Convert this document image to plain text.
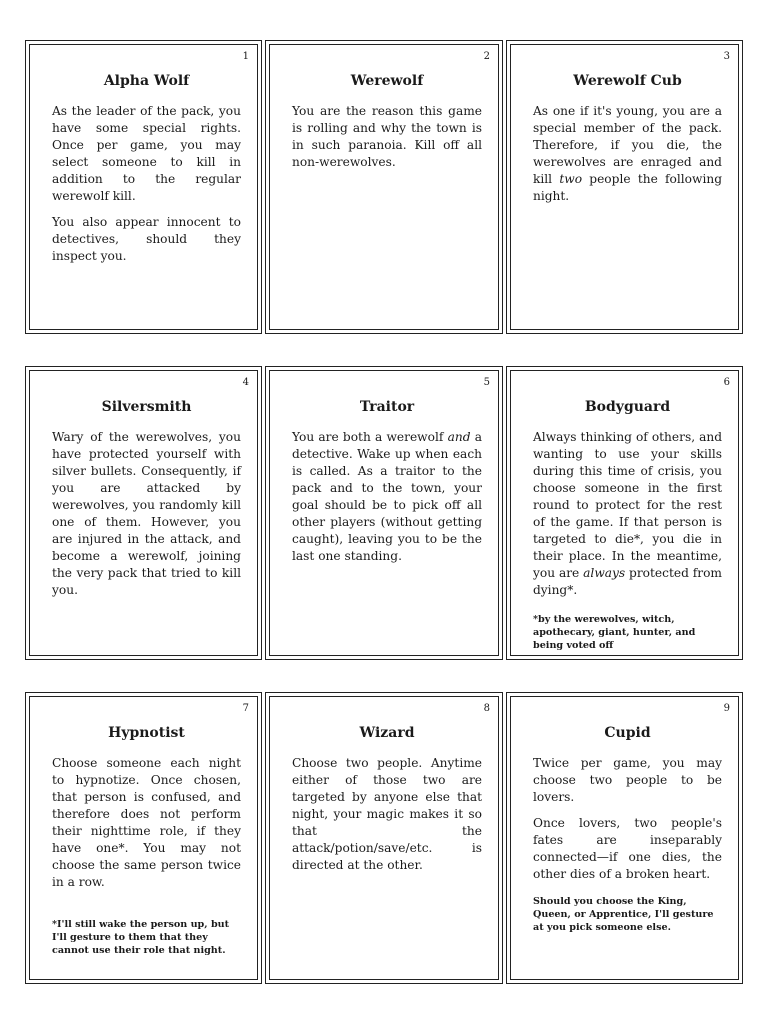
1
Alpha Wolf

As the leader of the pack, you have some special rights. Once per game, you may select someone to kill in addition to the regular werewolf kill.

You also appear innocent to detectives, should they inspect you.

2
Werewolf

You are the reason this game is rolling and why the town is in such paranoia. Kill off all non-werewolves.

3
Werewolf Cub

As one if it's young, you are a special member of the pack. Therefore, if you die, the werewolves are enraged and kill two people the following night.

4
Silversmith

Wary of the werewolves, you have protected yourself with silver bullets. Consequently, if you are attacked by werewolves, you randomly kill one of them. However, you are injured in the attack, and become a werewolf, joining the very pack that tried to kill you.

5
Traitor

You are both a werewolf and a detective. Wake up when each is called. As a traitor to the pack and to the town, your goal should be to pick off all other players (without getting caught), leaving you to be the last one standing.

6
Bodyguard

Always thinking of others, and wanting to use your skills during this time of crisis, you choose someone in the first round to protect for the rest of the game. If that person is targeted to die*, you die in their place. In the meantime, you are always protected from dying*.

*by the werewolves, witch, apothecary, giant, hunter, and being voted off

7
Hypnotist

Choose someone each night to hypnotize. Once chosen, that person is confused, and therefore does not perform their nighttime role, if they have one*. You may not choose the same person twice in a row.

*I'll still wake the person up, but I'll gesture to them that they cannot use their role that night.

8
Wizard

Choose two people. Anytime either of those two are targeted by anyone else that night, your magic makes it so that the attack/potion/save/etc. is directed at the other.

9
Cupid

Twice per game, you may choose two people to be lovers.

Once lovers, two people's fates are inseparably connected—if one dies, the other dies of a broken heart.

Should you choose the King, Queen, or Apprentice, I'll gesture at you pick someone else.
